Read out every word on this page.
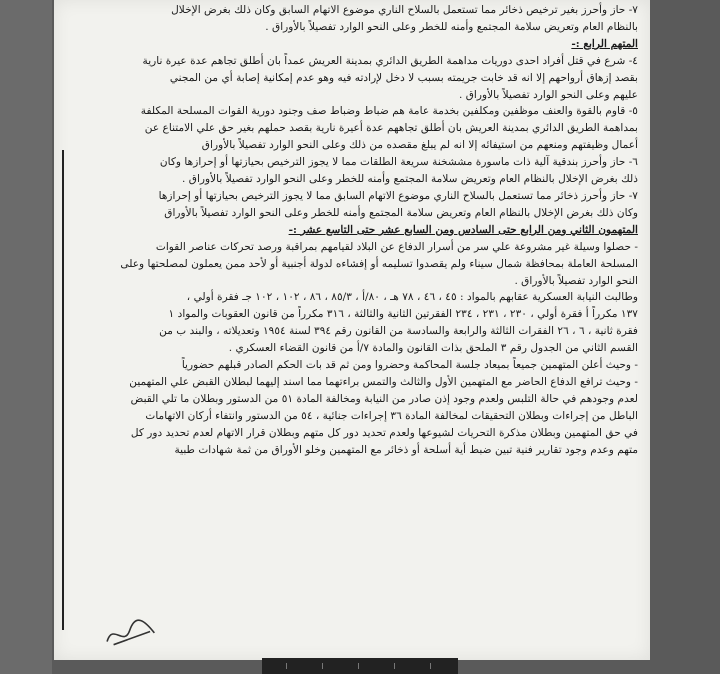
٧- حاز وأحرز بغير ترخيص ذخائر مما تستعمل بالسلاح الناري موضوع الاتهام السابق وكان ذلك بغرض الإخلال
بالنظام العام وتعريض سلامة المجتمع وأمنه للخطر وعلى النحو الوارد تفصيلاً بالأوراق .
المتهم الرابع :-
٤- شرع في قتل أفراد احدى دوريات مداهمة الطريق الدائري بمدينة العريش عمداً بان أطلق تجاهم عدة عيرة نارية
بقصد إزهاق أرواحهم إلا انه قد خابت جريمته بسبب لا دخل لإرادته فيه وهو عدم إمكانية إصابة أي من المجني
عليهم وعلى النحو الوارد تفصيلاً بالأوراق .
٥- قاوم بالقوة والعنف موظفين ومكلفين بخدمة عامة هم ضباط وضباط صف وجنود دورية القوات المسلحة المكلفة
بمداهمة الطريق الدائري بمدينة العريش بان أطلق تجاههم عدة أعيرة نارية بقصد حملهم بغير حق علي الامتناع عن
أعمال وظيفتهم ومنعهم من استيفائه إلا انه لم يبلغ مقصده من ذلك وعلى النحو الوارد تفصيلاً بالأوراق
٦- حاز وأحرز بندقية آلية ذات ماسورة مششخنة سريعة الطلقات مما لا يجوز الترخيص بحيازتها أو إحرازها وكان
ذلك بغرض الإخلال بالنظام العام وتعريض سلامة المجتمع وأمنه للخطر وعلى النحو الوارد تفصيلاً بالأوراق .
٧- حاز وأحرز ذخائر مما تستعمل بالسلاح الناري موضوع الاتهام السابق مما لا يجوز الترخيص بحيازتها أو إحرازها
وكان ذلك بغرض الإخلال بالنظام العام وتعريض سلامة المجتمع وأمنه للخطر وعلى النحو الوارد تفصيلاً بالأوراق
المتهمون الثاني ومن الرابع حتى السادس ومن السابع عشر حتى التاسع عشر :-
- حصلوا وسيلة غير مشروعة علي سر من أسرار الدفاع عن البلاد لقيامهم بمراقبة ورصد تحركات عناصر القوات
المسلحة العاملة بمحافظة شمال سيناء ولم يقصدوا تسليمه أو إفشاءه لدولة أجنبية أو لأحد ممن يعملون لمصلحتها وعلى
النحو الوارد تفصيلاً بالأوراق .
وطالبت النيابة العسكرية عقابهم بالمواد : ٤٥ ، ٤٦ ، ٧٨ هـ ، ٨٠/أ ، ٨٥/٣ ، ٨٦ ، ١٠٢ ، ١٠٢ جـ فقرة أولي ،
١٣٧ مكرراً أ فقرة أولي ، ٢٣٠ ، ٢٣١ ، ٢٣٤ الفقرتين الثانية والثالثة ، ٣١٦ مكرراً من قانون العقوبات والمواد ١
فقرة ثانية ، ٦ ، ٢٦ الفقرات الثالثة والرابعة والسادسة من القانون رقم ٣٩٤ لسنة ١٩٥٤ وتعديلاته ، والبند ب من
القسم الثاني من الجدول رقم ٣ الملحق بذات القانون والمادة ٧/أ من قانون القضاء العسكري .
- وحيث أعلن المتهمين جميعاً بميعاد جلسة المحاكمة وحضروا ومن ثم قد بات الحكم الصادر قبلهم حضورياً
- وحيث ترافع الدفاع الحاضر مع المتهمين الأول والثالث والتمس براءتهما مما اسند إليهما لبطلان القبض علي المتهمين
لعدم وجودهم في حالة التلبس ولعدم وجود إذن صادر من النيابة ومخالفة المادة ٥١ من الدستور وبطلان ما تلي القبض
الباطل من إجراءات وبطلان التحقيقات لمخالفة المادة ٣٦ إجراءات جنائية ، ٥٤ من الدستور وانتفاء أركان الاتهامات
في حق المتهمين وبطلان مذكرة التحريات لشيوعها ولعدم تحديد دور كل متهم وبطلان قرار الاتهام لعدم تحديد دور كل
متهم وعدم وجود تقارير فنية تبين ضبط أية أسلحة أو ذخائر مع المتهمين وخلو الأوراق من ثمة شهادات طبية
